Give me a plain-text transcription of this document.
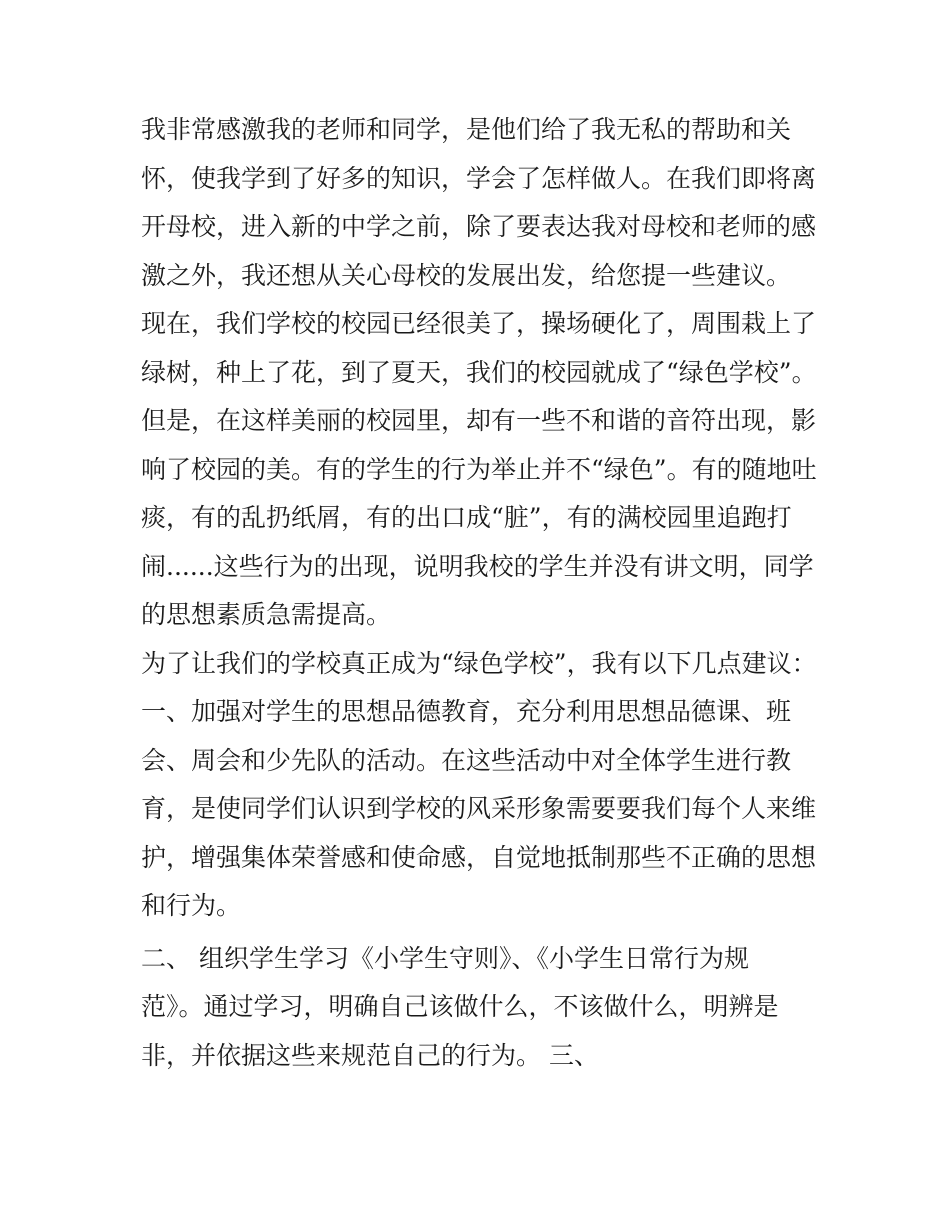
我非常感激我的老师和同学，是他们给了我无私的帮助和关
怀，使我学到了好多的知识，学会了怎样做人。在我们即将离
开母校，进入新的中学之前，除了要表达我对母校和老师的感
激之外，我还想从关心母校的发展出发，给您提一些建议。
现在，我们学校的校园已经很美了，操场硬化了，周围栽上了
绿树，种上了花，到了夏天，我们的校园就成了“绿色学校”。
但是，在这样美丽的校园里，却有一些不和谐的音符出现，影
响了校园的美。有的学生的行为举止并不“绿色”。有的随地吐
痰，有的乱扔纸屑，有的出口成“脏”，有的满校园里追跑打
闹......这些行为的出现，说明我校的学生并没有讲文明，同学
的思想素质急需提高。
为了让我们的学校真正成为“绿色学校”，我有以下几点建议：
一、加强对学生的思想品德教育，充分利用思想品德课、班
会、周会和少先队的活动。在这些活动中对全体学生进行教
育，是使同学们认识到学校的风采形象需要要我们每个人来维
护，增强集体荣誉感和使命感，自觉地抵制那些不正确的思想
和行为。
二、 组织学生学习《小学生守则》、《小学生日常行为规
范》。通过学习，明确自己该做什么，不该做什么，明辨是
非，并依据这些来规范自己的行为。 三、
